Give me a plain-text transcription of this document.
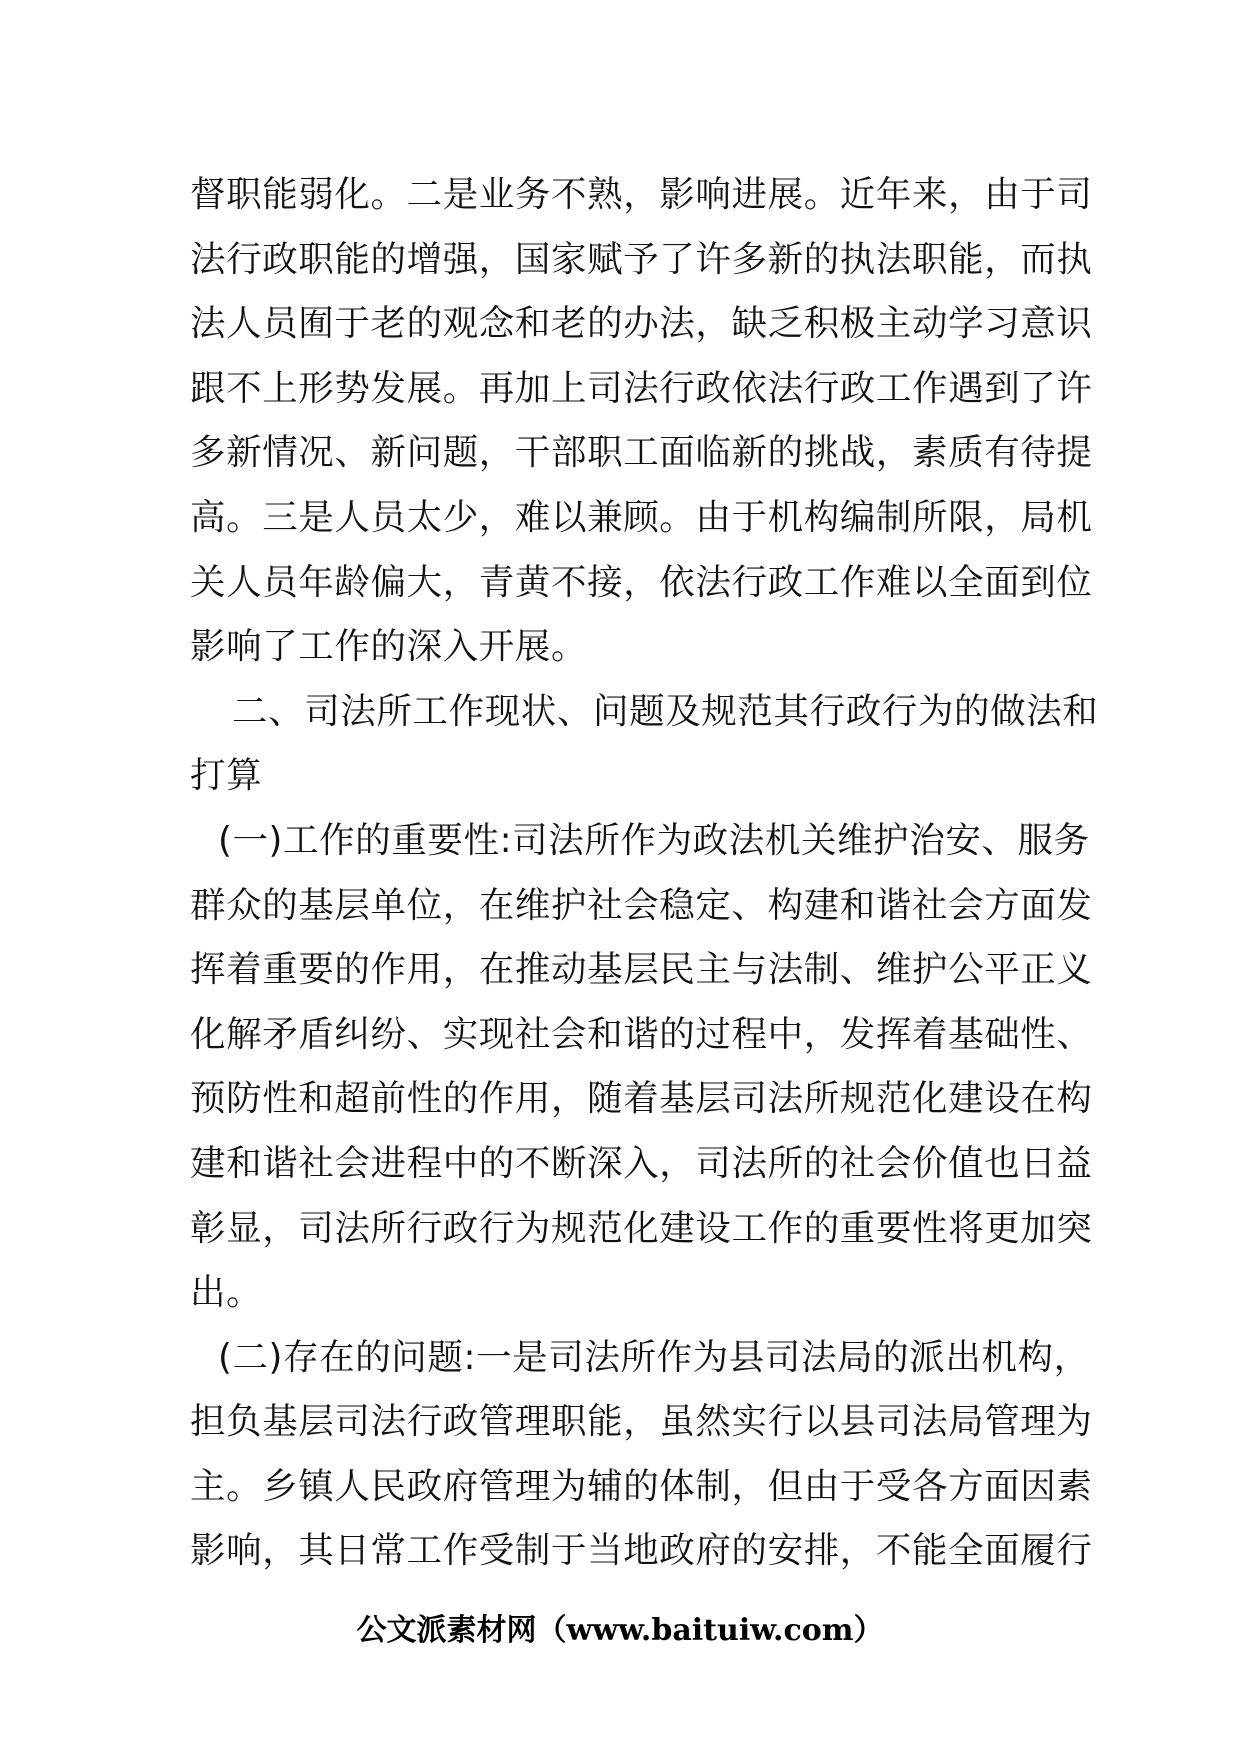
督职能弱化。二是业务不熟，影响进展。近年来，由于司
法行政职能的增强，国家赋予了许多新的执法职能，而执
法人员囿于老的观念和老的办法，缺乏积极主动学习意识
跟不上形势发展。再加上司法行政依法行政工作遇到了许
多新情况、新问题，干部职工面临新的挑战，素质有待提
高。三是人员太少，难以兼顾。由于机构编制所限，局机
关人员年龄偏大，青黄不接，依法行政工作难以全面到位
影响了工作的深入开展。
二、司法所工作现状、问题及规范其行政行为的做法和
打算
(一)工作的重要性:司法所作为政法机关维护治安、服务
群众的基层单位，在维护社会稳定、构建和谐社会方面发
挥着重要的作用，在推动基层民主与法制、维护公平正义
化解矛盾纠纷、实现社会和谐的过程中，发挥着基础性、
预防性和超前性的作用，随着基层司法所规范化建设在构
建和谐社会进程中的不断深入，司法所的社会价值也日益
彰显，司法所行政行为规范化建设工作的重要性将更加突
出。
(二)存在的问题:一是司法所作为县司法局的派出机构，
担负基层司法行政管理职能，虽然实行以县司法局管理为
主。乡镇人民政府管理为辅的体制，但由于受各方面因素
影响，其日常工作受制于当地政府的安排，不能全面履行
公文派素材网（www.baituiw.com）
